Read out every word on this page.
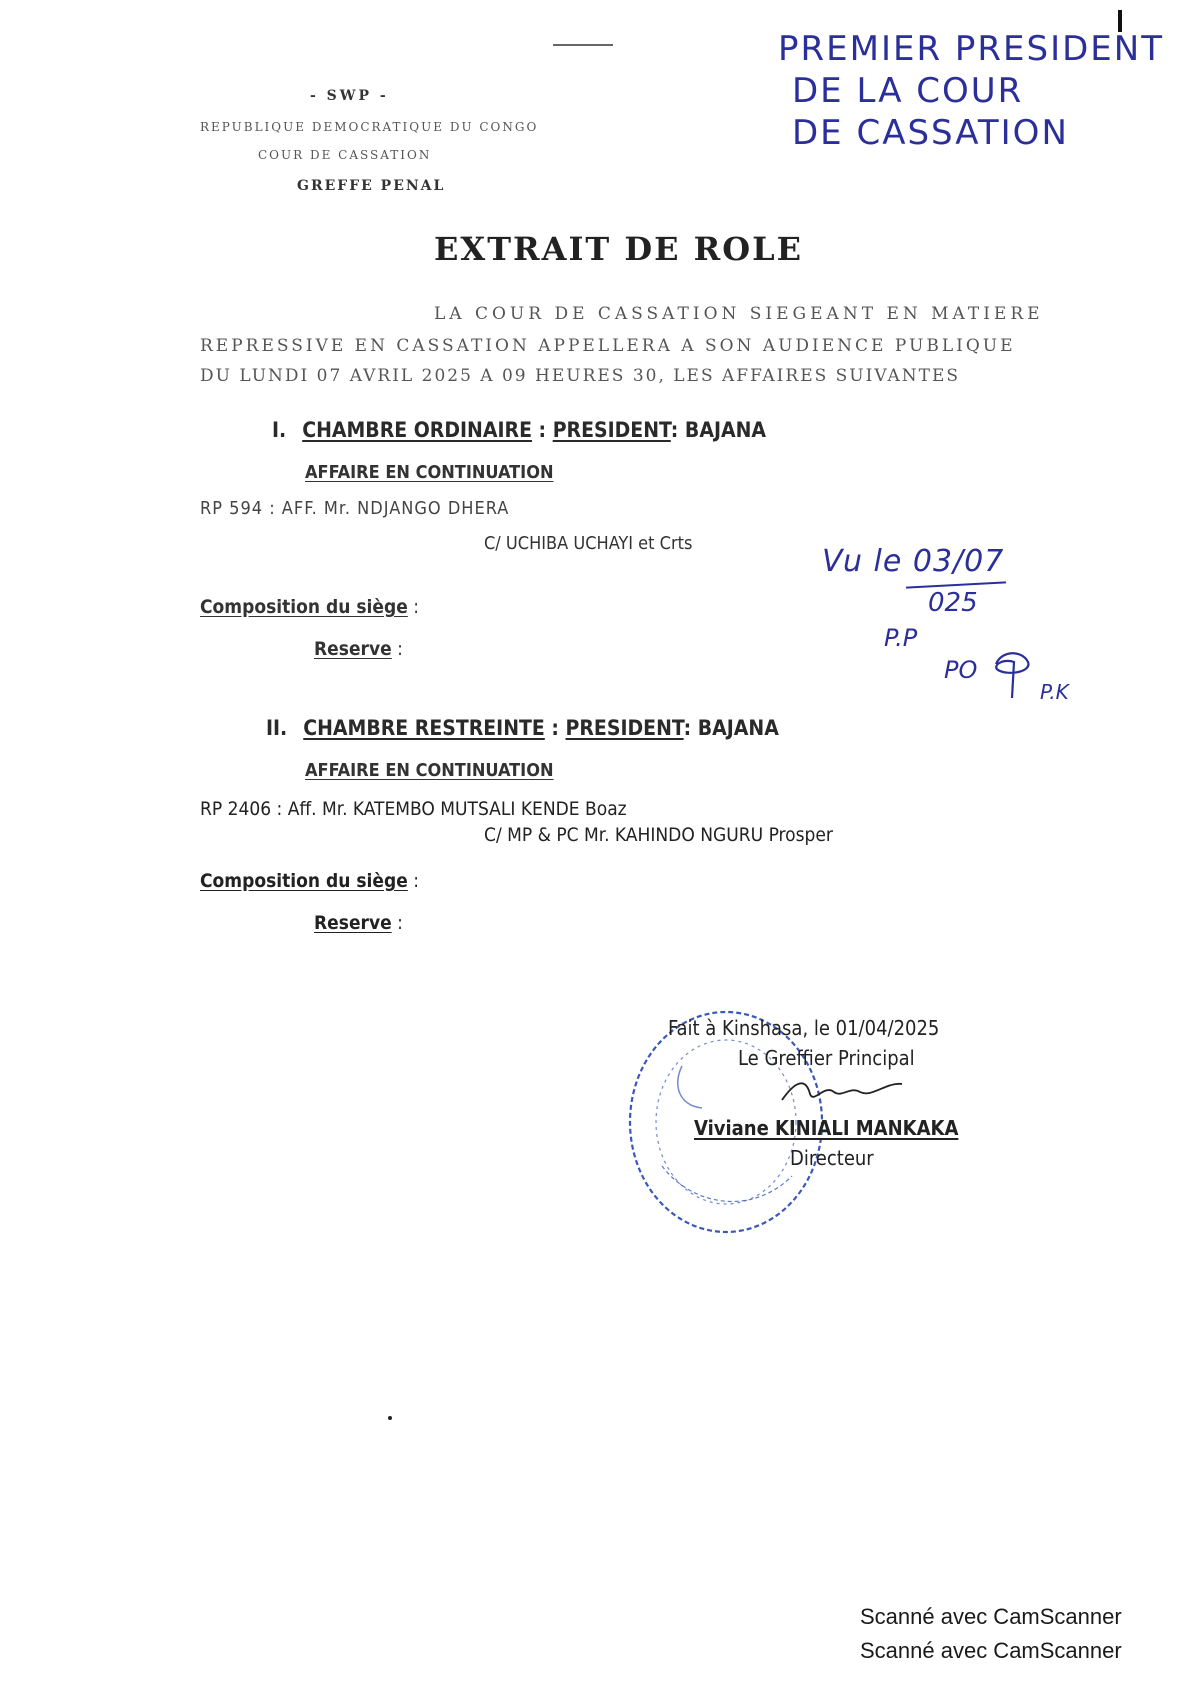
PREMIER PRESIDENT
DE LA COUR
DE CASSATION
- SWP -
REPUBLIQUE DEMOCRATIQUE DU CONGO
COUR DE CASSATION
GREFFE PENAL
EXTRAIT DE ROLE
LA COUR DE CASSATION SIEGEANT EN MATIERE
REPRESSIVE EN CASSATION APPELLERA A SON AUDIENCE PUBLIQUE
DU LUNDI 07 AVRIL 2025 A 09 HEURES 30, LES AFFAIRES SUIVANTES
I. CHAMBRE ORDINAIRE : PRESIDENT: BAJANA
AFFAIRE EN CONTINUATION
RP 594 : AFF. Mr. NDJANGO DHERA
C/ UCHIBA UCHAYI et Crts
Composition du siège :
Reserve :
Vu le 03/07
025
P.P
PO
P.K
II. CHAMBRE RESTREINTE : PRESIDENT: BAJANA
AFFAIRE EN CONTINUATION
RP 2406 : Aff. Mr. KATEMBO MUTSALI KENDE Boaz
C/ MP & PC Mr. KAHINDO NGURU Prosper
Composition du siège :
Reserve :
Fait à Kinshasa, le 01/04/2025
Le Greffier Principal
Viviane KINIALI MANKAKA
Directeur
Scanné avec CamScanner
Scanné avec CamScanner
